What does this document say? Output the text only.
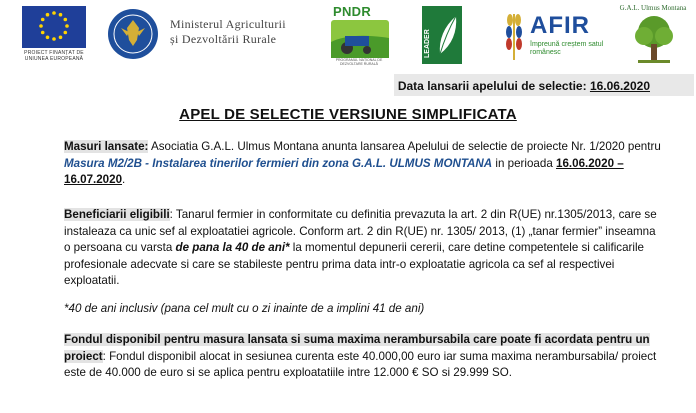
PROIECT FINANȚAT DE UNIUNEA EUROPEANĂ
Ministerul Agriculturii
și Dezvoltării Rurale
PNDR
PROGRAMUL NAȚIONAL DE DEZVOLTARE RURALĂ
LEADER
AFIR
împreună creștem satul românesc
G.A.L. Ulmus Montana
Data lansarii apelului de selectie: 16.06.2020
APEL DE SELECTIE VERSIUNE SIMPLIFICATA
Masuri lansate: Asociatia G.A.L. Ulmus Montana anunta lansarea Apelului de selectie de proiecte Nr. 1/2020 pentru Masura M2/2B - Instalarea tinerilor fermieri din zona G.A.L. ULMUS MONTANA in perioada 16.06.2020 – 16.07.2020.
Beneficiarii eligibili: Tanarul fermier in conformitate cu definitia prevazuta la art. 2 din R(UE) nr.1305/2013, care se instaleaza ca unic sef al exploatatiei agricole. Conform art. 2 din R(UE) nr. 1305/ 2013, (1) „tanar fermier” inseamna o persoana cu varsta de pana la 40 de ani* la momentul depunerii cererii, care detine competentele si calificarile profesionale adecvate si care se stabileste pentru prima data intr-o exploatatie agricola ca sef al respectivei exploatatii.
*40 de ani inclusiv (pana cel mult cu o zi inainte de a implini 41 de ani)
Fondul disponibil pentru masura lansata si suma maxima nerambursabila care poate fi acordata pentru un proiect: Fondul disponibil alocat in sesiunea curenta este 40.000,00 euro iar suma maxima nerambursabila/ proiect este de 40.000 de euro si se aplica pentru exploatatiile intre 12.000 € SO si 29.999 SO.
